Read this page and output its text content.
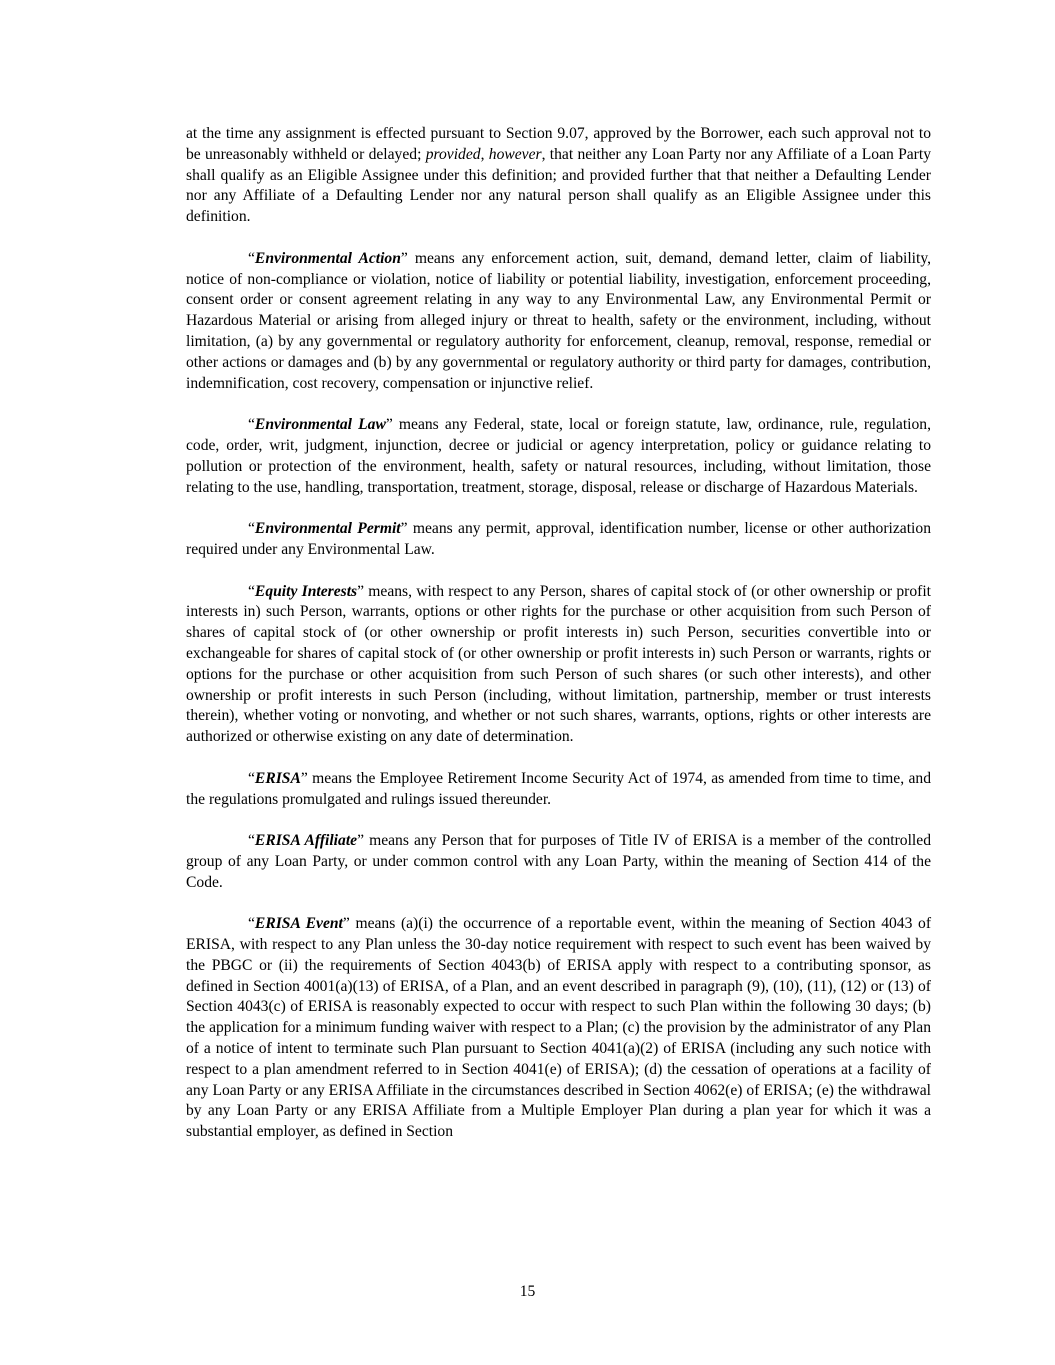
at the time any assignment is effected pursuant to Section 9.07, approved by the Borrower, each such approval not to be unreasonably withheld or delayed; provided, however, that neither any Loan Party nor any Affiliate of a Loan Party shall qualify as an Eligible Assignee under this definition; and provided further that that neither a Defaulting Lender nor any Affiliate of a Defaulting Lender nor any natural person shall qualify as an Eligible Assignee under this definition.

“Environmental Action” means any enforcement action, suit, demand, demand letter, claim of liability, notice of non-compliance or violation, notice of liability or potential liability, investigation, enforcement proceeding, consent order or consent agreement relating in any way to any Environmental Law, any Environmental Permit or Hazardous Material or arising from alleged injury or threat to health, safety or the environment, including, without limitation, (a) by any governmental or regulatory authority for enforcement, cleanup, removal, response, remedial or other actions or damages and (b) by any governmental or regulatory authority or third party for damages, contribution, indemnification, cost recovery, compensation or injunctive relief.

“Environmental Law” means any Federal, state, local or foreign statute, law, ordinance, rule, regulation, code, order, writ, judgment, injunction, decree or judicial or agency interpretation, policy or guidance relating to pollution or protection of the environment, health, safety or natural resources, including, without limitation, those relating to the use, handling, transportation, treatment, storage, disposal, release or discharge of Hazardous Materials.

“Environmental Permit” means any permit, approval, identification number, license or other authorization required under any Environmental Law.

“Equity Interests” means, with respect to any Person, shares of capital stock of (or other ownership or profit interests in) such Person, warrants, options or other rights for the purchase or other acquisition from such Person of shares of capital stock of (or other ownership or profit interests in) such Person, securities convertible into or exchangeable for shares of capital stock of (or other ownership or profit interests in) such Person or warrants, rights or options for the purchase or other acquisition from such Person of such shares (or such other interests), and other ownership or profit interests in such Person (including, without limitation, partnership, member or trust interests therein), whether voting or nonvoting, and whether or not such shares, warrants, options, rights or other interests are authorized or otherwise existing on any date of determination.

“ERISA” means the Employee Retirement Income Security Act of 1974, as amended from time to time, and the regulations promulgated and rulings issued thereunder.

“ERISA Affiliate” means any Person that for purposes of Title IV of ERISA is a member of the controlled group of any Loan Party, or under common control with any Loan Party, within the meaning of Section 414 of the Code.

“ERISA Event” means (a)(i) the occurrence of a reportable event, within the meaning of Section 4043 of ERISA, with respect to any Plan unless the 30-day notice requirement with respect to such event has been waived by the PBGC or (ii) the requirements of Section 4043(b) of ERISA apply with respect to a contributing sponsor, as defined in Section 4001(a)(13) of ERISA, of a Plan, and an event described in paragraph (9), (10), (11), (12) or (13) of Section 4043(c) of ERISA is reasonably expected to occur with respect to such Plan within the following 30 days; (b) the application for a minimum funding waiver with respect to a Plan; (c) the provision by the administrator of any Plan of a notice of intent to terminate such Plan pursuant to Section 4041(a)(2) of ERISA (including any such notice with respect to a plan amendment referred to in Section 4041(e) of ERISA); (d) the cessation of operations at a facility of any Loan Party or any ERISA Affiliate in the circumstances described in Section 4062(e) of ERISA; (e) the withdrawal by any Loan Party or any ERISA Affiliate from a Multiple Employer Plan during a plan year for which it was a substantial employer, as defined in Section

15
